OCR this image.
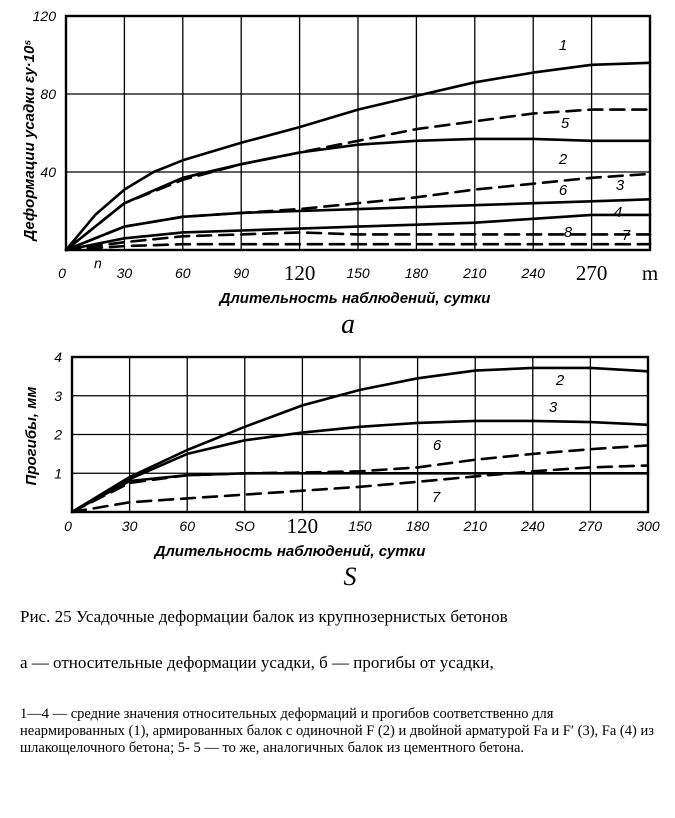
0	30	60	90 120 150	180	210	240 270 m
40
80
120
1
5
2
6	3
4
8	7
Длительность наблюдений, сутки
Деформации усадки εy·10⁵
a
n
0	30	60	SO 120 150 180 210 240 270 300
1
2
3
4
2
3
6
7
Длительность наблюдений, сутки
Прогибы, мм
S
Рис. 25 Усадочные деформации балок из крупнозернистых бетонов
а — относительные деформации усадки, б — прогибы от усадки,
1—4 — средние значения относительных деформаций и прогибов соответственно для неармированных (1), армированных балок с одиночной F (2) и двойной арматурой Fa и F′ (3), Fa (4) из шлакощелочного бетона; 5- 5 — то же, аналогичных балок из цементного бетона.
